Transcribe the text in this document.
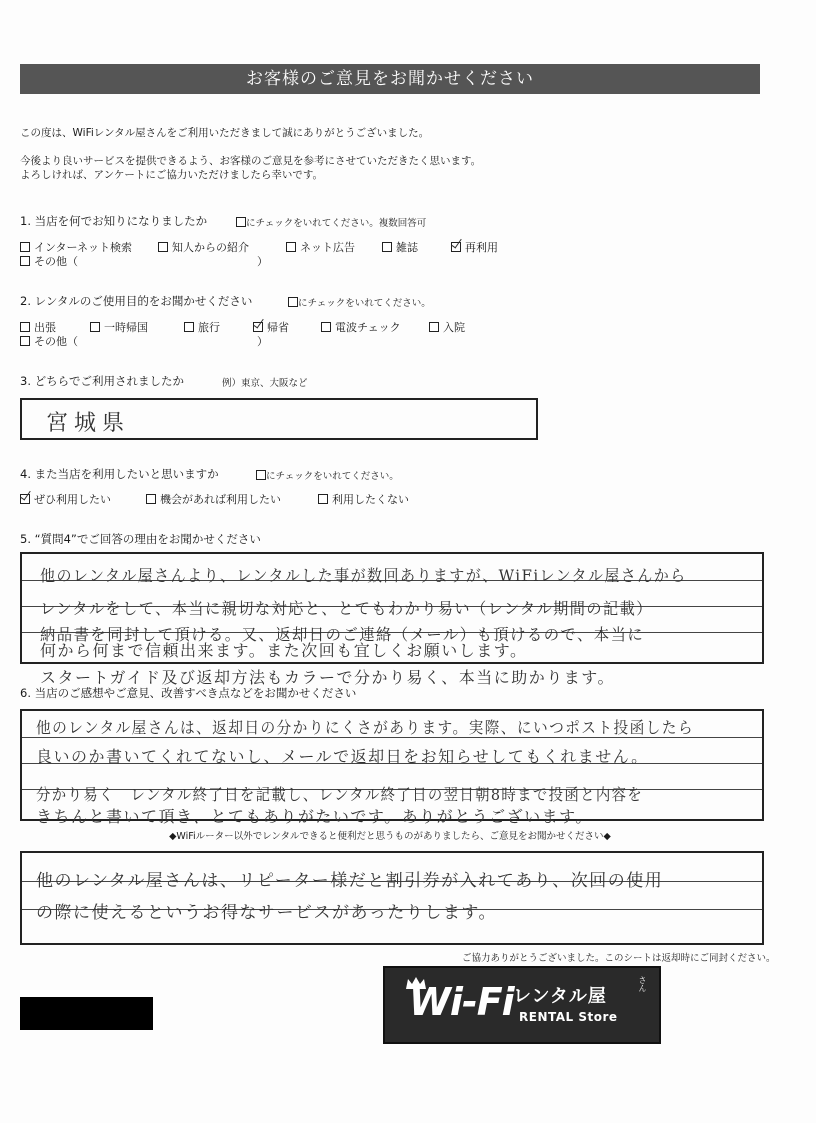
お客様のご意見をお聞かせください
この度は、WiFiレンタル屋さんをご利用いただきまして誠にありがとうございました。
今後より良いサービスを提供できるよう、お客様のご意見を参考にさせていただきたく思います。
よろしければ、アンケートにご協力いただけましたら幸いです。
1. 当店を何でお知りになりましたか	にチェックをいれてください。複数回答可
インターネット検索	知人からの紹介	ネット広告	雑誌	再利用
その他（	）
2. レンタルのご使用目的をお聞かせください	にチェックをいれてください。
出張	一時帰国	旅行	帰省	電波チェック	入院
その他（	）
3. どちらでご利用されましたか	例）東京、大阪など
宮城県
4. また当店を利用したいと思いますか	にチェックをいれてください。
ぜひ利用したい	機会があれば利用したい	利用したくない
5. “質問4”でご回答の理由をお聞かせください
他のレンタル屋さんより、レンタルした事が数回ありますが、WiFiレンタル屋さんから
レンタルをして、本当に親切な対応と、とてもわかり易い（レンタル期間の記載）
納品書を同封して頂ける。又、返却日のご連絡（メール）も頂けるので、本当に
何から何まで信頼出来ます。また次回も宜しくお願いします。
スタートガイド及び返却方法もカラーで分かり易く、本当に助かります。
6. 当店のご感想やご意見、改善すべき点などをお聞かせください
他のレンタル屋さんは、返却日の分かりにくさがあります。実際、にいつポスト投函したら
良いのか書いてくれてないし、メールで返却日をお知らせしてもくれません。
分かり易く　レンタル終了日を記載し、レンタル終了日の翌日朝8時まで投函と内容を
きちんと書いて頂き、とてもありがたいです。ありがとうございます。
◆WiFiルーター以外でレンタルできると便利だと思うものがありましたら、ご意見をお聞かせください◆
他のレンタル屋さんは、リピーター様だと割引券が入れてあり、次回の使用
の際に使えるというお得なサービスがあったりします。
ご協力ありがとうございました。このシートは返却時にご同封ください。
Wi-Fi レンタル屋
さん
RENTAL Store
